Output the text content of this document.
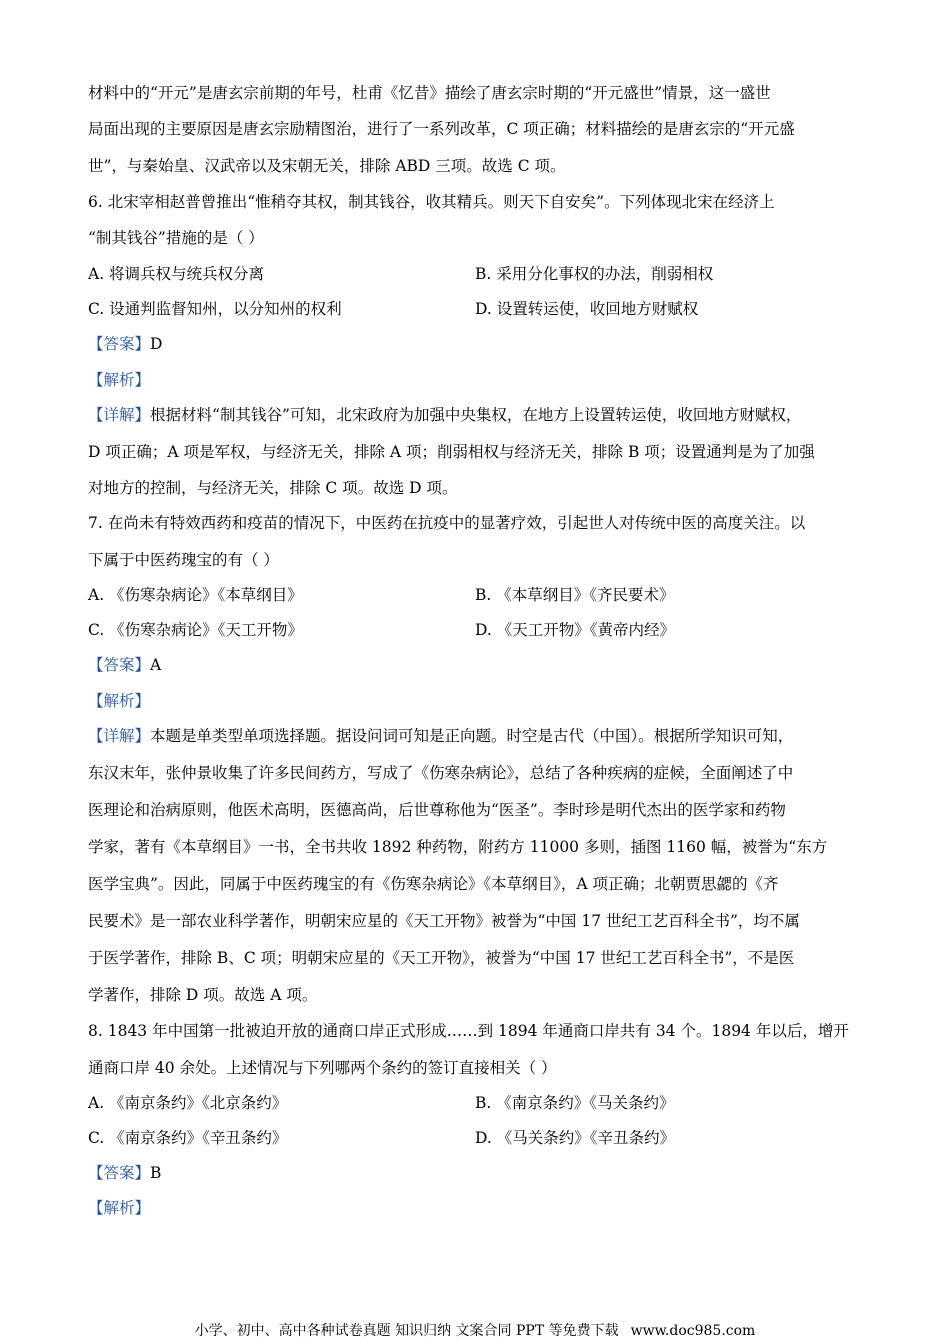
材料中的“开元”是唐玄宗前期的年号，杜甫《忆昔》描绘了唐玄宗时期的“开元盛世”情景，这一盛世
局面出现的主要原因是唐玄宗励精图治，进行了一系列改革，C 项正确；材料描绘的是唐玄宗的“开元盛
世”，与秦始皇、汉武帝以及宋朝无关，排除 ABD 三项。故选 C 项。
6. 北宋宰相赵普曾推出“惟稍夺其权，制其钱谷，收其精兵。则天下自安矣”。下列体现北宋在经济上
“制其钱谷”措施的是（ ）
A. 将调兵权与统兵权分离	B. 采用分化事权的办法，削弱相权
C. 设通判监督知州，以分知州的权利	D. 设置转运使，收回地方财赋权
【答案】D
【解析】
【详解】根据材料“制其钱谷”可知，北宋政府为加强中央集权，在地方上设置转运使，收回地方财赋权，
D 项正确；A 项是军权，与经济无关，排除 A 项；削弱相权与经济无关，排除 B 项；设置通判是为了加强
对地方的控制，与经济无关，排除 C 项。故选 D 项。
7. 在尚未有特效西药和疫苗的情况下，中医药在抗疫中的显著疗效，引起世人对传统中医的高度关注。以
下属于中医药瑰宝的有（ ）
A. 《伤寒杂病论》《本草纲目》	B. 《本草纲目》《齐民要术》
C. 《伤寒杂病论》《天工开物》	D. 《天工开物》《黄帝内经》
【答案】A
【解析】
【详解】本题是单类型单项选择题。据设问词可知是正向题。时空是古代（中国）。根据所学知识可知，
东汉末年，张仲景收集了许多民间药方，写成了《伤寒杂病论》，总结了各种疾病的症候，全面阐述了中
医理论和治病原则，他医术高明，医德高尚，后世尊称他为“医圣”。李时珍是明代杰出的医学家和药物
学家，著有《本草纲目》一书，全书共收 1892 种药物，附药方 11000 多则，插图 1160 幅，被誉为“东方
医学宝典”。因此，同属于中医药瑰宝的有《伤寒杂病论》《本草纲目》，A 项正确；北朝贾思勰的《齐
民要术》是一部农业科学著作，明朝宋应星的《天工开物》被誉为“中国 17 世纪工艺百科全书”，均不属
于医学著作，排除 B、C 项；明朝宋应星的《天工开物》，被誉为“中国 17 世纪工艺百科全书”，不是医
学著作，排除 D 项。故选 A 项。
8. 1843 年中国第一批被迫开放的通商口岸正式形成……到 1894 年通商口岸共有 34 个。1894 年以后，增开
通商口岸 40 余处。上述情况与下列哪两个条约的签订直接相关（ ）
A. 《南京条约》《北京条约》	B. 《南京条约》《马关条约》
C. 《南京条约》《辛丑条约》	D. 《马关条约》《辛丑条约》
【答案】B
【解析】
小学、初中、高中各种试卷真题 知识归纳 文案合同 PPT 等免费下载 www.doc985.com
